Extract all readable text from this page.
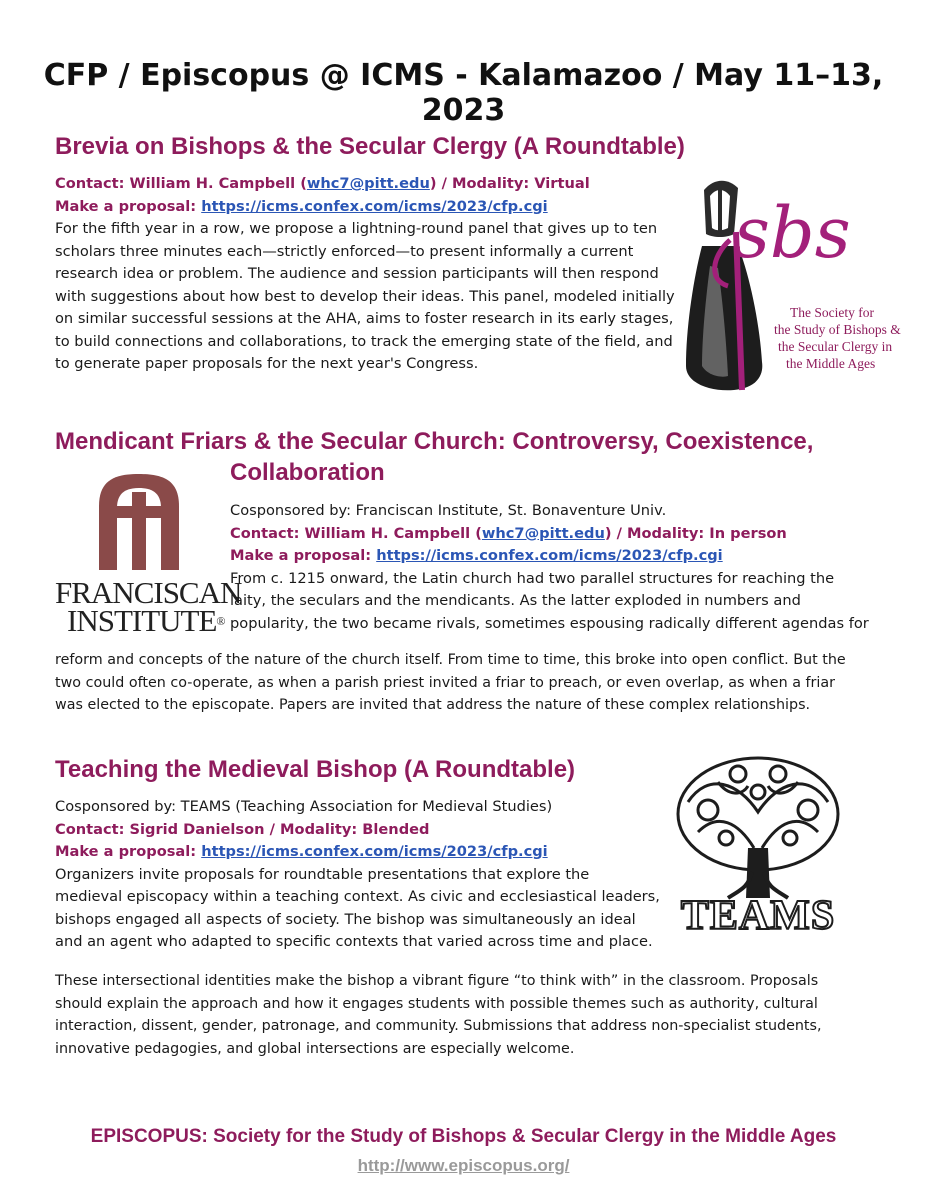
CFP / Episcopus @ ICMS - Kalamazoo / May 11–13, 2023
Brevia on Bishops & the Secular Clergy (A Roundtable)
Contact: William H. Campbell (whc7@pitt.edu) / Modality: Virtual
Make a proposal: https://icms.confex.com/icms/2023/cfp.cgi
For the fifth year in a row, we propose a lightning-round panel that gives up to ten
scholars three minutes each—strictly enforced—to present informally a current
research idea or problem. The audience and session participants will then respond
with suggestions about how best to develop their ideas. This panel, modeled initially
on similar successful sessions at the AHA, aims to foster research in its early stages,
to build connections and collaborations, to track the emerging state of the field, and
to generate paper proposals for the next year's Congress.
sbs
The Society for
the Study of Bishops &
the Secular Clergy in
the Middle Ages
Mendicant Friars & the Secular Church: Controversy, Coexistence,
Collaboration
FRANCISCAN
INSTITUTE®
Cosponsored by: Franciscan Institute, St. Bonaventure Univ.
Contact: William H. Campbell (whc7@pitt.edu) / Modality: In person
Make a proposal: https://icms.confex.com/icms/2023/cfp.cgi
From c. 1215 onward, the Latin church had two parallel structures for reaching the
laity, the seculars and the mendicants. As the latter exploded in numbers and
popularity, the two became rivals, sometimes espousing radically different agendas for
reform and concepts of the nature of the church itself. From time to time, this broke into open conflict. But the
two could often co-operate, as when a parish priest invited a friar to preach, or even overlap, as when a friar
was elected to the episcopate. Papers are invited that address the nature of these complex relationships.
Teaching the Medieval Bishop (A Roundtable)
Cosponsored by: TEAMS (Teaching Association for Medieval Studies)
Contact: Sigrid Danielson / Modality: Blended
Make a proposal: https://icms.confex.com/icms/2023/cfp.cgi
Organizers invite proposals for roundtable presentations that explore the
medieval episcopacy within a teaching context. As civic and ecclesiastical leaders,
bishops engaged all aspects of society. The bishop was simultaneously an ideal
and an agent who adapted to specific contexts that varied across time and place.
These intersectional identities make the bishop a vibrant figure “to think with” in the classroom. Proposals
should explain the approach and how it engages students with possible themes such as authority, cultural
interaction, dissent, gender, patronage, and community. Submissions that address non-specialist students,
innovative pedagogies, and global intersections are especially welcome.
TEAMS
EPISCOPUS: Society for the Study of Bishops & Secular Clergy in the Middle Ages
http://www.episcopus.org/
